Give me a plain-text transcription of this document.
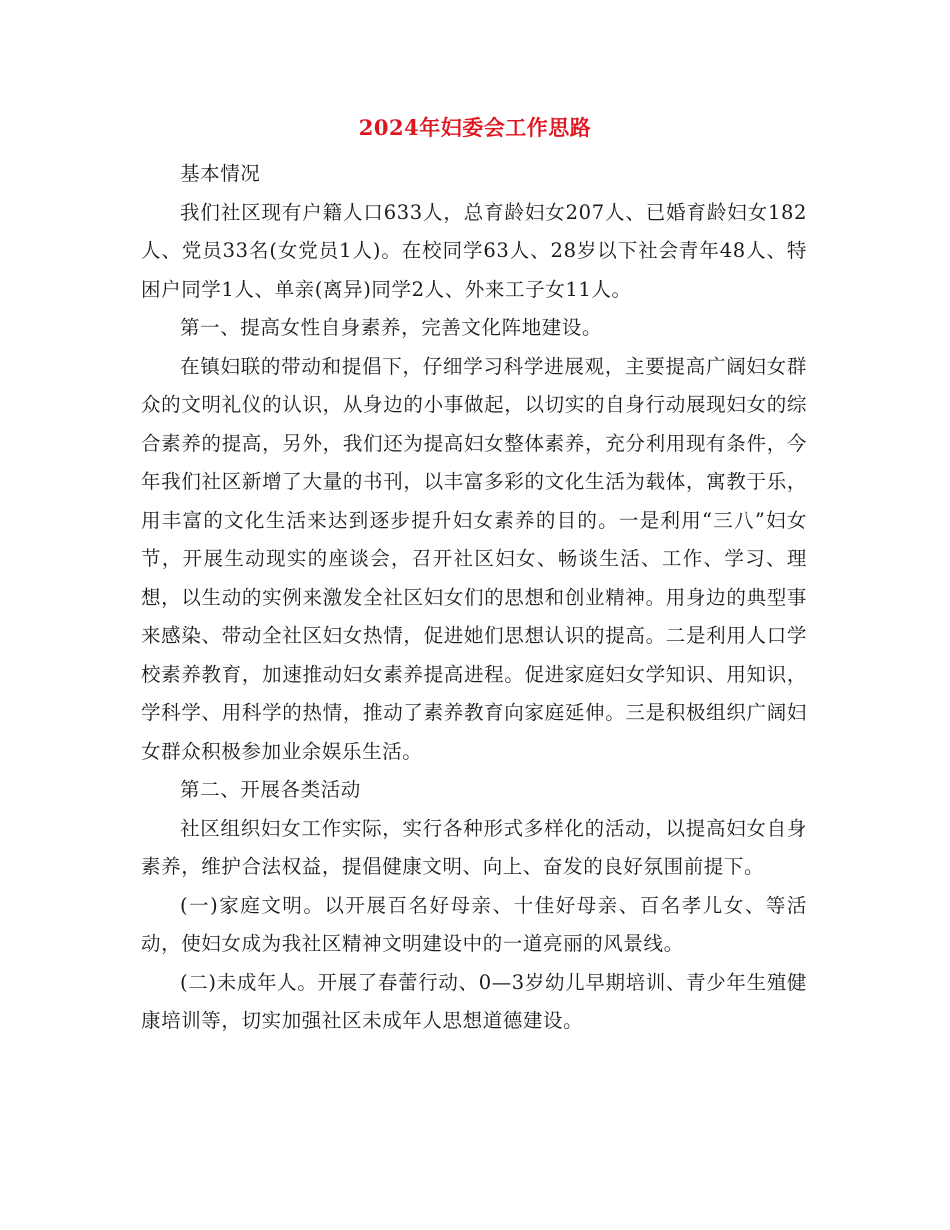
2024年妇委会工作思路

基本情况

我们社区现有户籍人口633人，总育龄妇女207人、已婚育龄妇女182人、党员33名(女党员1人)。在校同学63人、28岁以下社会青年48人、特困户同学1人、单亲(离异)同学2人、外来工子女11人。

第一、提高女性自身素养，完善文化阵地建设。

在镇妇联的带动和提倡下，仔细学习科学进展观，主要提高广阔妇女群众的文明礼仪的认识，从身边的小事做起，以切实的自身行动展现妇女的综合素养的提高，另外，我们还为提高妇女整体素养，充分利用现有条件，今年我们社区新增了大量的书刊，以丰富多彩的文化生活为载体，寓教于乐，用丰富的文化生活来达到逐步提升妇女素养的目的。一是利用“三八”妇女节，开展生动现实的座谈会，召开社区妇女、畅谈生活、工作、学习、理想，以生动的实例来激发全社区妇女们的思想和创业精神。用身边的典型事来感染、带动全社区妇女热情，促进她们思想认识的提高。二是利用人口学校素养教育，加速推动妇女素养提高进程。促进家庭妇女学知识、用知识，学科学、用科学的热情，推动了素养教育向家庭延伸。三是积极组织广阔妇女群众积极参加业余娱乐生活。

第二、开展各类活动

社区组织妇女工作实际，实行各种形式多样化的活动，以提高妇女自身素养，维护合法权益，提倡健康文明、向上、奋发的良好氛围前提下。

(一)家庭文明。以开展百名好母亲、十佳好母亲、百名孝儿女、等活动，使妇女成为我社区精神文明建设中的一道亮丽的风景线。

(二)未成年人。开展了春蕾行动、0—3岁幼儿早期培训、青少年生殖健康培训等，切实加强社区未成年人思想道德建设。
